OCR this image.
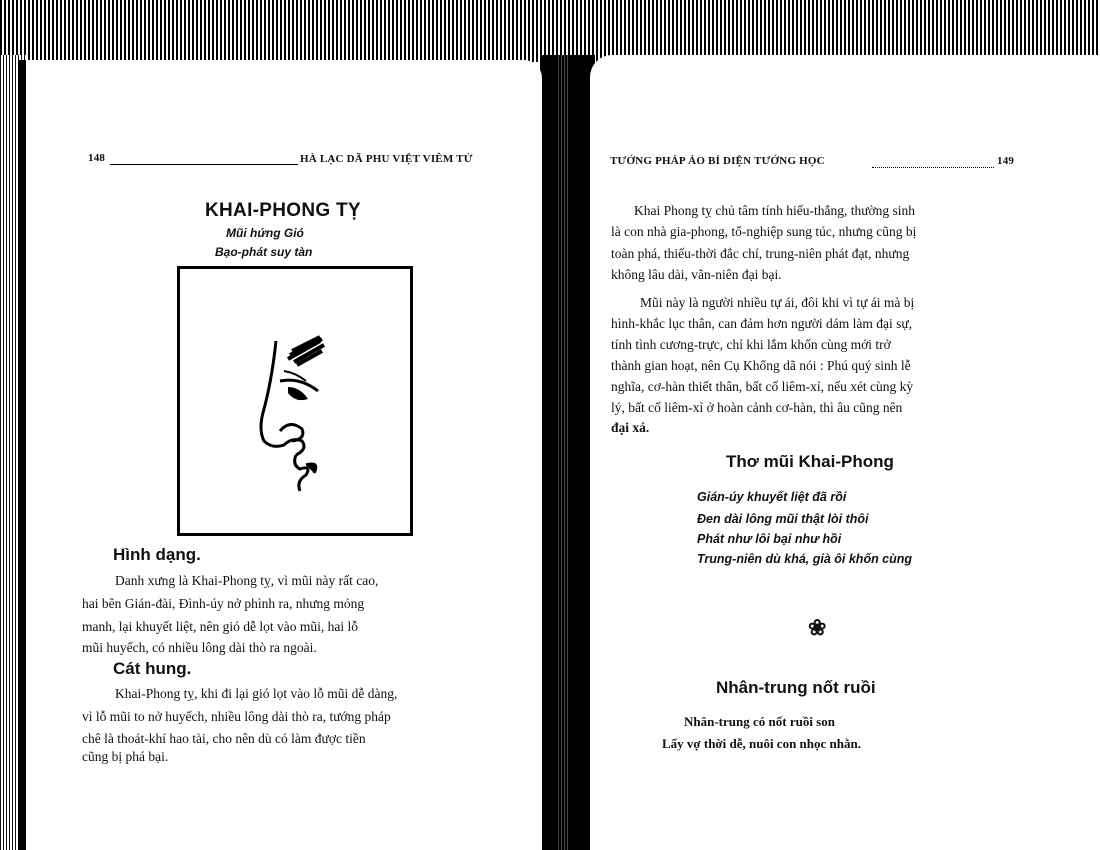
148	HÀ LẠC DÃ PHU VIỆT VIÊM TỬ
KHAI-PHONG TỴ
Mũi hứng Gió
Bạo-phát suy tàn
Hình dạng.
Danh xưng là Khai-Phong tỵ, vì mũi này rất cao,
hai bên Gián-đài, Đình-úy nở phình ra, nhưng mỏng
manh, lại khuyết liệt, nên gió dễ lọt vào mũi, hai lỗ
mũi huyếch, có nhiều lông dài thò ra ngoài.
Cát hung.
Khai-Phong tỵ, khi đi lại gió lọt vào lỗ mũi dễ dàng,
vì lỗ mũi to nở huyếch, nhiều lông dài thò ra, tướng pháp
chê là thoát-khí hao tài, cho nên dù có làm được tiền
cũng bị phá bại.
TƯỚNG PHÁP ÁO BÍ DIỆN TƯỚNG HỌC	149
Khai Phong tỵ chủ tâm tính hiếu-thắng, thường sinh
là con nhà gia-phong, tổ-nghiệp sung túc, nhưng cũng bị
toàn phá, thiếu-thời đắc chí, trung-niên phát đạt, nhưng
không lâu dài, vãn-niên đại bại.
Mũi này là người nhiều tự ái, đôi khi vì tự ái mà bị
hình-khắc lục thân, can đảm hơn người dám làm đại sự,
tính tình cương-trực, chỉ khi lắm khốn cùng mới trở
thành gian hoạt, nên Cụ Khổng dã nói : Phú quý sinh lễ
nghĩa, cơ-hàn thiết thân, bất cố liêm-xỉ, nếu xét cùng kỳ
lý, bất cố liêm-xỉ ở hoàn cảnh cơ-hàn, thì âu cũng nên
đại xá.
Thơ mũi Khai-Phong
Gián-úy khuyết liệt đã rồi
Đen dài lông mũi thật lòi thôi
Phát như lôi bại như hồi
Trung-niên dù khá, già ôi khốn cùng
❀
Nhân-trung nốt ruồi
Nhân-trung có nốt ruồi son
Lấy vợ thời dễ, nuôi con nhọc nhằn.
